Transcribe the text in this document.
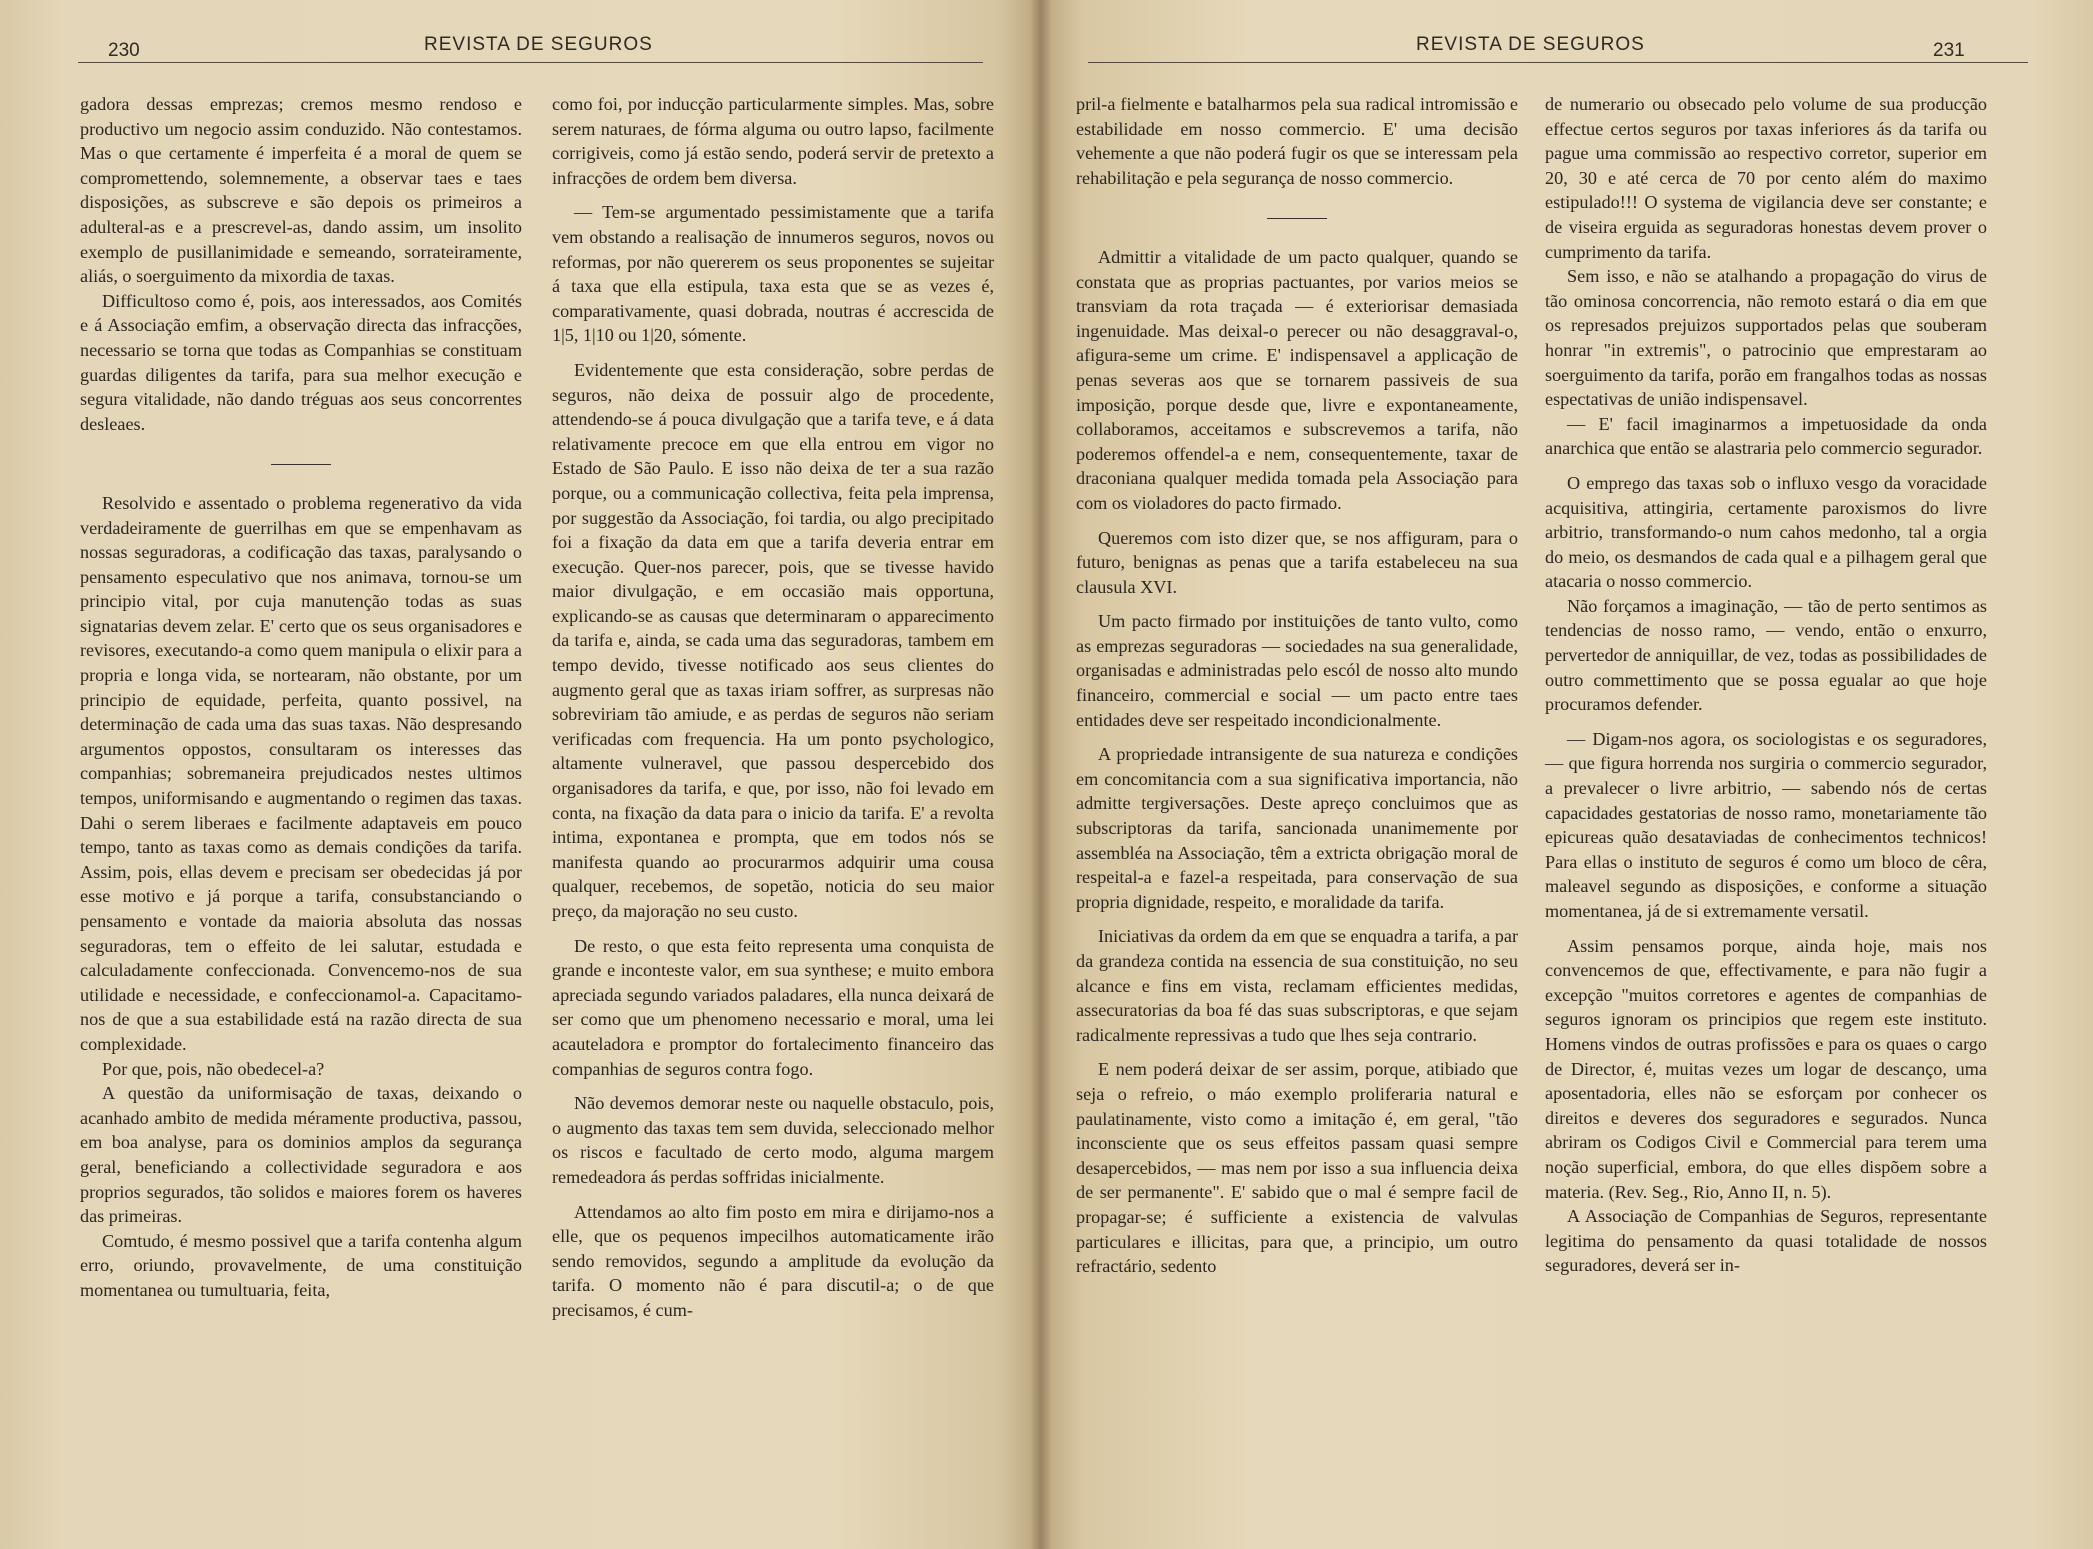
230	REVISTA DE SEGUROS

gadora dessas emprezas; cremos mesmo rendoso e productivo um negocio assim conduzido. Não contestamos. Mas o que certamente é imperfeita é a moral de quem se compromettendo, solemnemente, a observar taes e taes disposições, as subscreve e são depois os primeiros a adulteral-as e a prescrevel-as, dando assim, um insolito exemplo de pusillanimidade e semeando, sorrateiramente, aliás, o soerguimento da mixordia de taxas.

Difficultoso como é, pois, aos interessados, aos Comités e á Associação emfim, a observação directa das infracções, necessario se torna que todas as Companhias se constituam guardas diligentes da tarifa, para sua melhor execução e segura vitalidade, não dando tréguas aos seus concorrentes desleaes.

Resolvido e assentado o problema regenerativo da vida verdadeiramente de guerrilhas em que se empenhavam as nossas seguradoras, a codificação das taxas, paralysando o pensamento especulativo que nos animava, tornou-se um principio vital, por cuja manutenção todas as suas signatarias devem zelar. E' certo que os seus organisadores e revisores, executando-a como quem manipula o elixir para a propria e longa vida, se nortearam, não obstante, por um principio de equidade, perfeita, quanto possivel, na determinação de cada uma das suas taxas. Não despresando argumentos oppostos, consultaram os interesses das companhias; sobremaneira prejudicados nestes ultimos tempos, uniformisando e augmentando o regimen das taxas. Dahi o serem liberaes e facilmente adaptaveis em pouco tempo, tanto as taxas como as demais condições da tarifa. Assim, pois, ellas devem e precisam ser obedecidas já por esse motivo e já porque a tarifa, consubstanciando o pensamento e vontade da maioria absoluta das nossas seguradoras, tem o effeito de lei salutar, estudada e calculadamente confeccionada. Convencemo-nos de sua utilidade e necessidade, e confeccionamol-a. Capacitamo-nos de que a sua estabilidade está na razão directa de sua complexidade.

Por que, pois, não obedecel-a?

A questão da uniformisação de taxas, deixando o acanhado ambito de medida méramente productiva, passou, em boa analyse, para os dominios amplos da segurança geral, beneficiando a collectividade seguradora e aos proprios segurados, tão solidos e maiores forem os haveres das primeiras.

Comtudo, é mesmo possivel que a tarifa contenha algum erro, oriundo, provavelmente, de uma constituição momentanea ou tumultuaria, feita,

como foi, por inducção particularmente simples. Mas, sobre serem naturaes, de fórma alguma ou outro lapso, facilmente corrigiveis, como já estão sendo, poderá servir de pretexto a infracções de ordem bem diversa.

— Tem-se argumentado pessimistamente que a tarifa vem obstando a realisação de innumeros seguros, novos ou reformas, por não quererem os seus proponentes se sujeitar á taxa que ella estipula, taxa esta que se as vezes é, comparativamente, quasi dobrada, noutras é accrescida de 1|5, 1|10 ou 1|20, sómente.

Evidentemente que esta consideração, sobre perdas de seguros, não deixa de possuir algo de procedente, attendendo-se á pouca divulgação que a tarifa teve, e á data relativamente precoce em que ella entrou em vigor no Estado de São Paulo. E isso não deixa de ter a sua razão porque, ou a communicação collectiva, feita pela imprensa, por suggestão da Associação, foi tardia, ou algo precipitado foi a fixação da data em que a tarifa deveria entrar em execução. Quer-nos parecer, pois, que se tivesse havido maior divulgação, e em occasião mais opportuna, explicando-se as causas que determinaram o apparecimento da tarifa e, ainda, se cada uma das seguradoras, tambem em tempo devido, tivesse notificado aos seus clientes do augmento geral que as taxas iriam soffrer, as surpresas não sobreviriam tão amiude, e as perdas de seguros não seriam verificadas com frequencia. Ha um ponto psychologico, altamente vulneravel, que passou despercebido dos organisadores da tarifa, e que, por isso, não foi levado em conta, na fixação da data para o inicio da tarifa. E' a revolta intima, expontanea e prompta, que em todos nós se manifesta quando ao procurarmos adquirir uma cousa qualquer, recebemos, de sopetão, noticia do seu maior preço, da majoração no seu custo.

De resto, o que esta feito representa uma conquista de grande e inconteste valor, em sua synthese; e muito embora apreciada segundo variados paladares, ella nunca deixará de ser como que um phenomeno necessario e moral, uma lei acauteladora e promptor do fortalecimento financeiro das companhias de seguros contra fogo.

Não devemos demorar neste ou naquelle obstaculo, pois, o augmento das taxas tem sem duvida, seleccionado melhor os riscos e facultado de certo modo, alguma margem remedeadora ás perdas soffridas inicialmente.

Attendamos ao alto fim posto em mira e dirijamo-nos a elle, que os pequenos impecilhos automaticamente irão sendo removidos, segundo a amplitude da evolução da tarifa. O momento não é para discutil-a; o de que precisamos, é cum-

REVISTA DE SEGUROS	231

pril-a fielmente e batalharmos pela sua radical intromissão e estabilidade em nosso commercio. E' uma decisão vehemente a que não poderá fugir os que se interessam pela rehabilitação e pela segurança de nosso commercio.

Admittir a vitalidade de um pacto qualquer, quando se constata que as proprias pactuantes, por varios meios se transviam da rota traçada — é exteriorisar demasiada ingenuidade. Mas deixal-o perecer ou não desaggraval-o, afigura-seme um crime. E' indispensavel a applicação de penas severas aos que se tornarem passiveis de sua imposição, porque desde que, livre e expontaneamente, collaboramos, acceitamos e subscrevemos a tarifa, não poderemos offendel-a e nem, consequentemente, taxar de draconiana qualquer medida tomada pela Associação para com os violadores do pacto firmado.

Queremos com isto dizer que, se nos affiguram, para o futuro, benignas as penas que a tarifa estabeleceu na sua clausula XVI.

Um pacto firmado por instituições de tanto vulto, como as emprezas seguradoras — sociedades na sua generalidade, organisadas e administradas pelo escól de nosso alto mundo financeiro, commercial e social — um pacto entre taes entidades deve ser respeitado incondicionalmente.

A propriedade intransigente de sua natureza e condições em concomitancia com a sua significativa importancia, não admitte tergiversações. Deste apreço concluimos que as subscriptoras da tarifa, sancionada unanimemente por assembléa na Associação, têm a extricta obrigação moral de respeital-a e fazel-a respeitada, para conservação de sua propria dignidade, respeito, e moralidade da tarifa.

Iniciativas da ordem da em que se enquadra a tarifa, a par da grandeza contida na essencia de sua constituição, no seu alcance e fins em vista, reclamam efficientes medidas, assecuratorias da boa fé das suas subscriptoras, e que sejam radicalmente repressivas a tudo que lhes seja contrario.

E nem poderá deixar de ser assim, porque, atibiado que seja o refreio, o máo exemplo proliferaria natural e paulatinamente, visto como a imitação é, em geral, "tão inconsciente que os seus effeitos passam quasi sempre desapercebidos, — mas nem por isso a sua influencia deixa de ser permanente". E' sabido que o mal é sempre facil de propagar-se; é sufficiente a existencia de valvulas particulares e illicitas, para que, a principio, um outro refractário, sedento

de numerario ou obsecado pelo volume de sua producção effectue certos seguros por taxas inferiores ás da tarifa ou pague uma commissão ao respectivo corretor, superior em 20, 30 e até cerca de 70 por cento além do maximo estipulado!!! O systema de vigilancia deve ser constante; e de viseira erguida as seguradoras honestas devem prover o cumprimento da tarifa.

Sem isso, e não se atalhando a propagação do virus de tão ominosa concorrencia, não remoto estará o dia em que os represados prejuizos supportados pelas que souberam honrar "in extremis", o patrocinio que emprestaram ao soerguimento da tarifa, porão em frangalhos todas as nossas espectativas de união indispensavel.

— E' facil imaginarmos a impetuosidade da onda anarchica que então se alastraria pelo commercio segurador.

O emprego das taxas sob o influxo vesgo da voracidade acquisitiva, attingiria, certamente paroxismos do livre arbitrio, transformando-o num cahos medonho, tal a orgia do meio, os desmandos de cada qual e a pilhagem geral que atacaria o nosso commercio.

Não forçamos a imaginação, — tão de perto sentimos as tendencias de nosso ramo, — vendo, então o enxurro, pervertedor de anniquillar, de vez, todas as possibilidades de outro commettimento que se possa egualar ao que hoje procuramos defender.

— Digam-nos agora, os sociologistas e os seguradores, — que figura horrenda nos surgiria o commercio segurador, a prevalecer o livre arbitrio, — sabendo nós de certas capacidades gestatorias de nosso ramo, monetariamente tão epicureas quão desataviadas de conhecimentos technicos! Para ellas o instituto de seguros é como um bloco de cêra, maleavel segundo as disposições, e conforme a situação momentanea, já de si extremamente versatil.

Assim pensamos porque, ainda hoje, mais nos convencemos de que, effectivamente, e para não fugir a excepção "muitos corretores e agentes de companhias de seguros ignoram os principios que regem este instituto. Homens vindos de outras profissões e para os quaes o cargo de Director, é, muitas vezes um logar de descanço, uma aposentadoria, elles não se esforçam por conhecer os direitos e deveres dos seguradores e segurados. Nunca abriram os Codigos Civil e Commercial para terem uma noção superficial, embora, do que elles dispõem sobre a materia. (Rev. Seg., Rio, Anno II, n. 5).

A Associação de Companhias de Seguros, representante legitima do pensamento da quasi totalidade de nossos seguradores, deverá ser in-
